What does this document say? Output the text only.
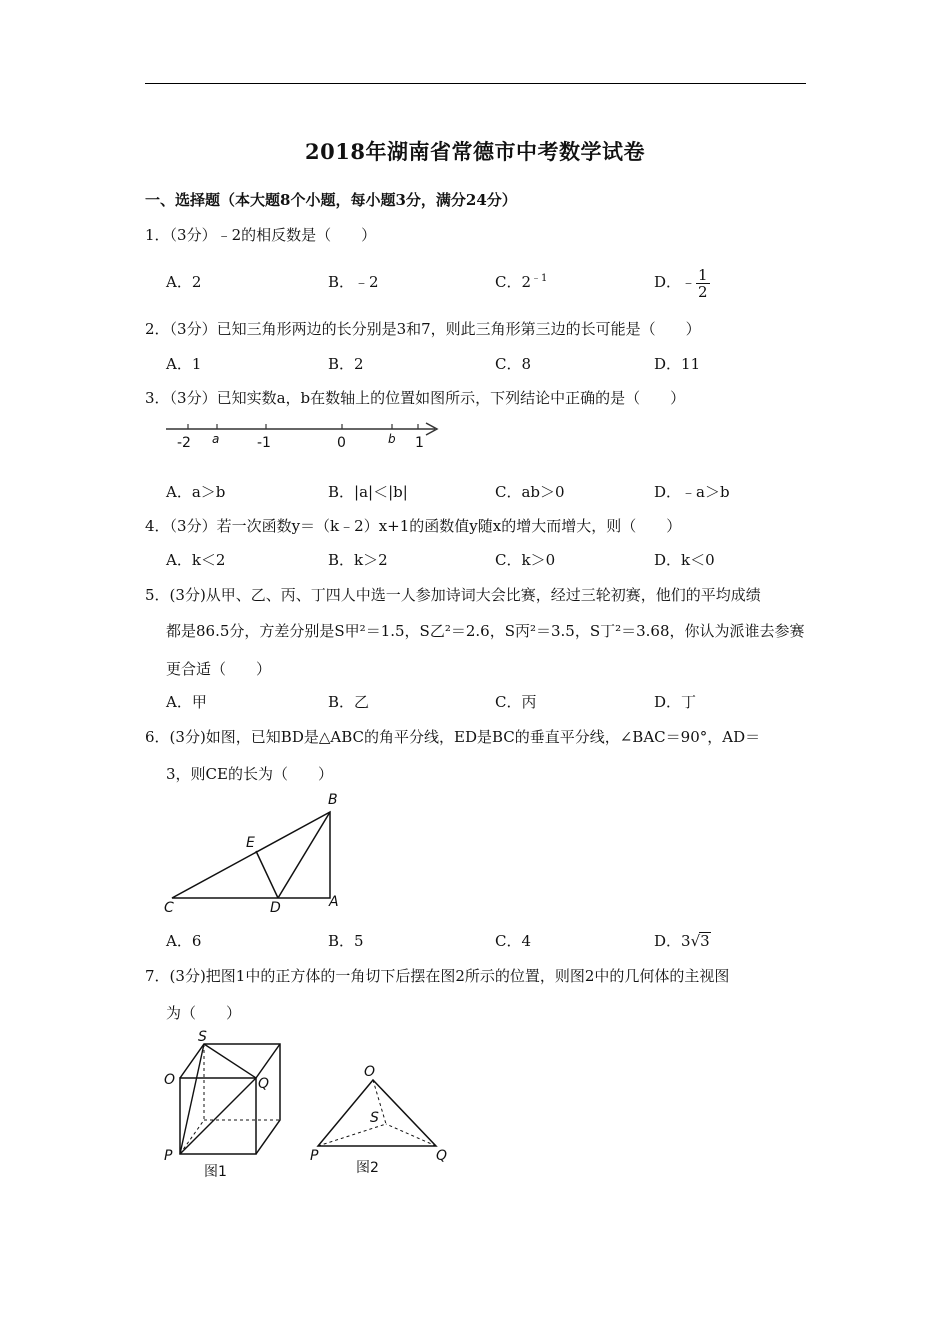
2018年湖南省常德市中考数学试卷
一、选择题（本大题8个小题，每小题3分，满分24分）
1．（3分）﹣2的相反数是（　　）
A．2	B．﹣2	C．$2^{﹣1}$	D．﹣ $\frac{1}{2}$
2．（3分）已知三角形两边的长分别是3和7，则此三角形第三边的长可能是（　　）
A．1	B．2	C．8	D．11
3．（3分）已知实数a，b在数轴上的位置如图所示，下列结论中正确的是（　　）
-2 a	-1	0	b 1
A．a＞b	B．|a|＜|b|	C．ab＞0	D．﹣a＞b
4．（3分）若一次函数y＝（k﹣2）x+1的函数值y随x的增大而增大，则（　　）
A．k＜2	B．k＞2	C．k＞0	D．k＜0
5．(3分)从甲、乙、丙、丁四人中选一人参加诗词大会比赛，经过三轮初赛，他们的平均成绩
都是86.5分，方差分别是S甲²＝1.5，S乙²＝2.6，S丙²＝3.5，S丁²＝3.68，你认为派谁去参赛
更合适（　　）
A．甲	B．乙	C．丙	D．丁
6．(3分)如图，已知BD是△ABC的角平分线，ED是BC的垂直平分线，∠BAC＝90°，AD＝
3，则CE的长为（　　）
B
E
C	D	A
A．6	B．5	C．4	D．3√3
7．(3分)把图1中的正方体的一角切下后摆在图2所示的位置，则图2中的几何体的主视图
为（　　）
S
O	Q
P
图1
O
S
P	Q
图2
